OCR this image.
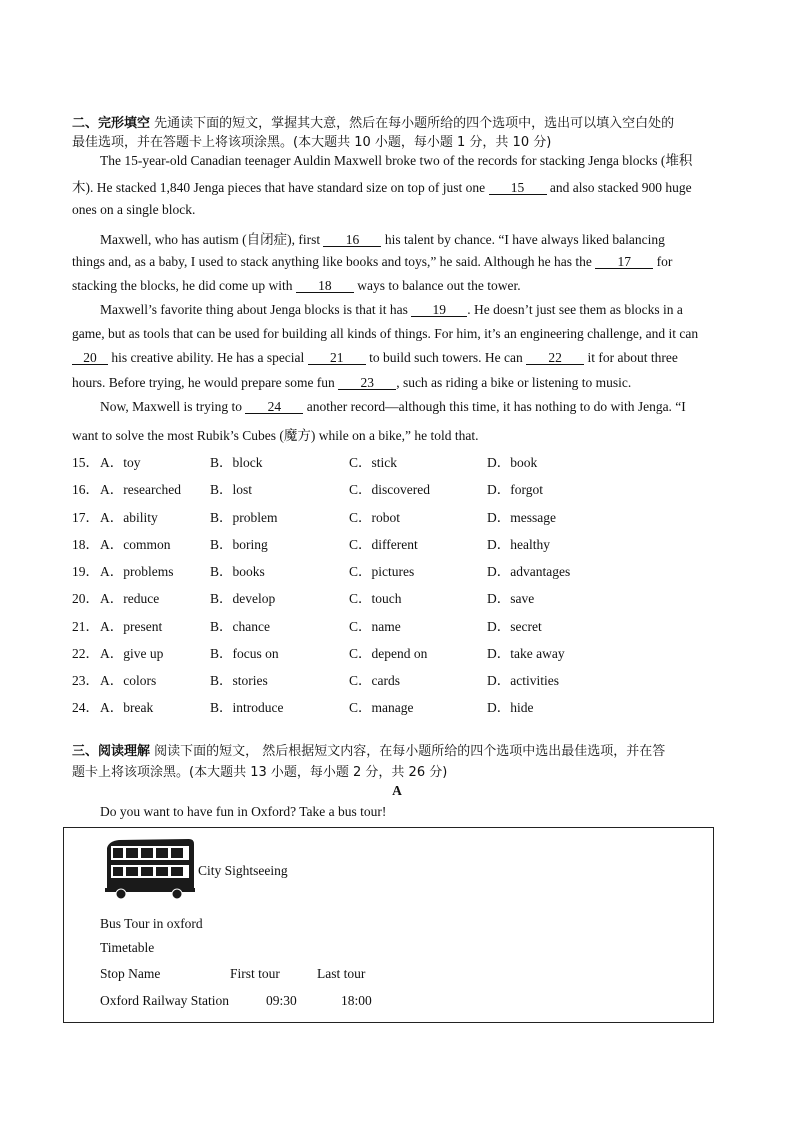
二、完形填空 先通读下面的短文，掌握其大意，然后在每小题所给的四个选项中，选出可以填入空白处的
最佳选项，并在答题卡上将该项涂黑。(本大题共 10 小题，每小题 1 分，共 10 分)
The 15-year-old Canadian teenager Auldin Maxwell broke two of the records for stacking Jenga blocks (堆积
木). He stacked 1,840 Jenga pieces that have standard size on top of just one 15 and also stacked 900 huge
ones on a single block.
Maxwell, who has autism (自闭症), first 16 his talent by chance. “I have always liked balancing
things and, as a baby, I used to stack anything like books and toys,” he said. Although he has the 17 for
stacking the blocks, he did come up with 18 ways to balance out the tower.
Maxwell’s favorite thing about Jenga blocks is that it has 19 . He doesn’t just see them as blocks in a
game, but as tools that can be used for building all kinds of things. For him, it’s an engineering challenge, and it can
20 his creative ability. He has a special 21 to build such towers. He can 22 it for about three
hours. Before trying, he would prepare some fun 23 , such as riding a bike or listening to music.
Now, Maxwell is trying to 24 another record—although this time, it has nothing to do with Jenga. “I
want to solve the most Rubik’s Cubes (魔方) while on a bike,” he told that.
15． A．toy	B．block	C．stick	D．book
16． A．researched B．lost	C．discovered	D．forgot
17． A．ability	B．problem	C．robot	D．message
18． A．common	B．boring	C．different	D．healthy
19． A．problems	B．books	C．pictures	D．advantages
20． A．reduce	B．develop	C．touch	D．save
21． A．present	B．chance	C．name	D．secret
22． A．give up	B．focus on	C．depend on	D．take away
23． A．colors	B．stories	C．cards	D．activities
24． A．break	B．introduce	C．manage	D．hide
三、阅读理解 阅读下面的短文， 然后根据短文内容，在每小题所给的四个选项中选出最佳选项，并在答
题卡上将该项涂黑。(本大题共 13 小题，每小题 2 分，共 26 分)
A
Do you want to have fun in Oxford? Take a bus tour!
City Sightseeing
Bus Tour in oxford
Timetable
Stop Name	First tour	Last tour
Oxford Railway Station	09:30	18:00
